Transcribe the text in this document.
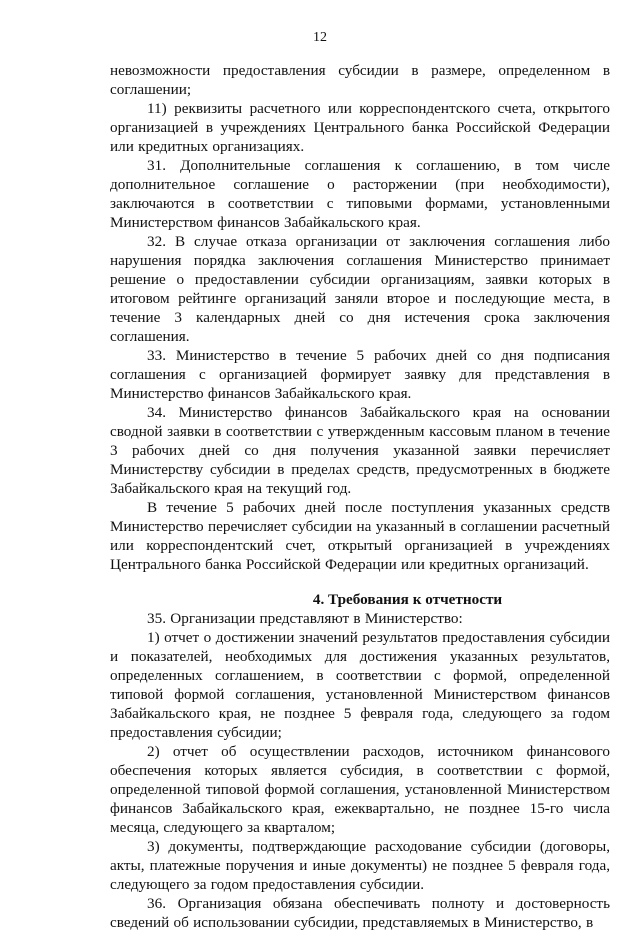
12

невозможности предоставления субсидии в размере, определенном в соглашении;

11) реквизиты расчетного или корреспондентского счета, открытого организацией в учреждениях Центрального банка Российской Федерации или кредитных организациях.

31. Дополнительные соглашения к соглашению, в том числе дополнительное соглашение о расторжении (при необходимости), заключаются в соответствии с типовыми формами, установленными Министерством финансов Забайкальского края.

32. В случае отказа организации от заключения соглашения либо нарушения порядка заключения соглашения Министерство принимает решение о предоставлении субсидии организациям, заявки которых в итоговом рейтинге организаций заняли второе и последующие места, в течение 3 календарных дней со дня истечения срока заключения соглашения.

33. Министерство в течение 5 рабочих дней со дня подписания соглашения с организацией формирует заявку для представления в Министерство финансов Забайкальского края.

34. Министерство финансов Забайкальского края на основании сводной заявки в соответствии с утвержденным кассовым планом в течение 3 рабочих дней со дня получения указанной заявки перечисляет Министерству субсидии в пределах средств, предусмотренных в бюджете Забайкальского края на текущий год.

В течение 5 рабочих дней после поступления указанных средств Министерство перечисляет субсидии на указанный в соглашении расчетный или корреспондентский счет, открытый организацией в учреждениях Центрального банка Российской Федерации или кредитных организаций.

4. Требования к отчетности

35. Организации представляют в Министерство:

1) отчет о достижении значений результатов предоставления субсидии и показателей, необходимых для достижения указанных результатов, определенных соглашением, в соответствии с формой, определенной типовой формой соглашения, установленной Министерством финансов Забайкальского края, не позднее 5 февраля года, следующего за годом предоставления субсидии;

2) отчет об осуществлении расходов, источником финансового обеспечения которых является субсидия, в соответствии с формой, определенной типовой формой соглашения, установленной Министерством финансов Забайкальского края, ежеквартально, не позднее 15-го числа месяца, следующего за кварталом;

3) документы, подтверждающие расходование субсидии (договоры, акты, платежные поручения и иные документы) не позднее 5 февраля года, следующего за годом предоставления субсидии.

36. Организация обязана обеспечивать полноту и достоверность сведений об использовании субсидии, представляемых в Министерство, в
